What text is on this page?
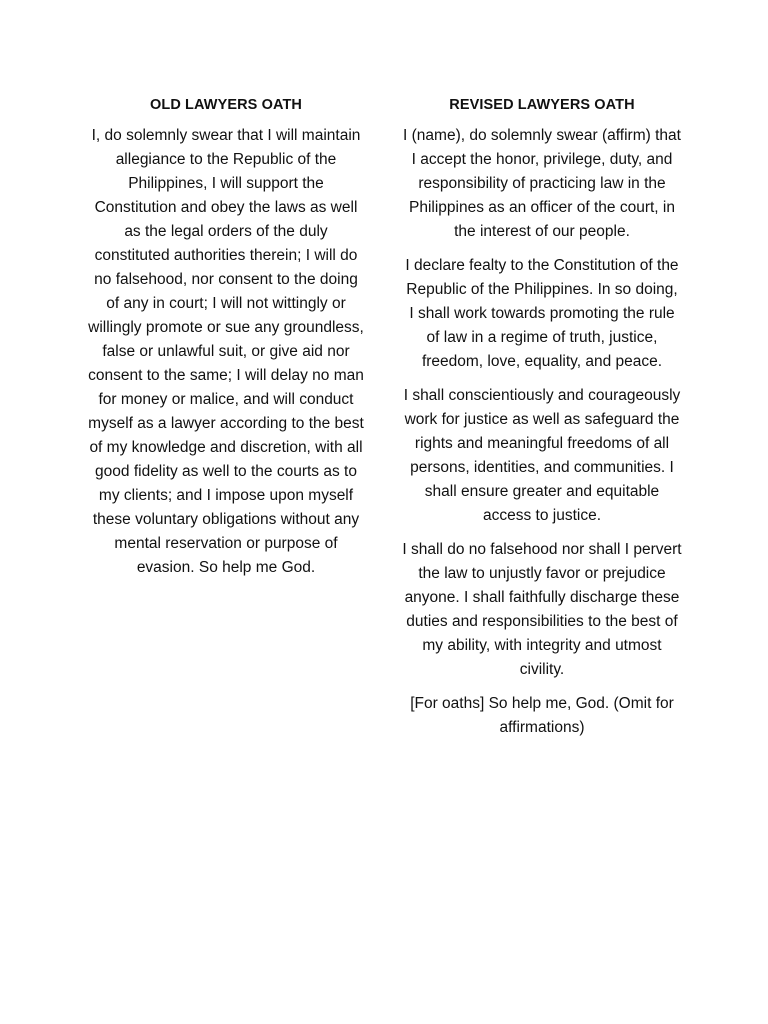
OLD LAWYERS OATH

I, do solemnly swear that I will maintain allegiance to the Republic of the Philippines, I will support the Constitution and obey the laws as well as the legal orders of the duly constituted authorities therein; I will do no falsehood, nor consent to the doing of any in court; I will not wittingly or willingly promote or sue any groundless, false or unlawful suit, or give aid nor consent to the same; I will delay no man for money or malice, and will conduct myself as a lawyer according to the best of my knowledge and discretion, with all good fidelity as well to the courts as to my clients; and I impose upon myself these voluntary obligations without any mental reservation or purpose of evasion. So help me God.

REVISED LAWYERS OATH

I (name), do solemnly swear (affirm) that I accept the honor, privilege, duty, and responsibility of practicing law in the Philippines as an officer of the court, in the interest of our people.

I declare fealty to the Constitution of the Republic of the Philippines. In so doing, I shall work towards promoting the rule of law in a regime of truth, justice, freedom, love, equality, and peace.

I shall conscientiously and courageously work for justice as well as safeguard the rights and meaningful freedoms of all persons, identities, and communities. I shall ensure greater and equitable access to justice.

I shall do no falsehood nor shall I pervert the law to unjustly favor or prejudice anyone. I shall faithfully discharge these duties and responsibilities to the best of my ability, with integrity and utmost civility.

[For oaths] So help me, God. (Omit for affirmations)
